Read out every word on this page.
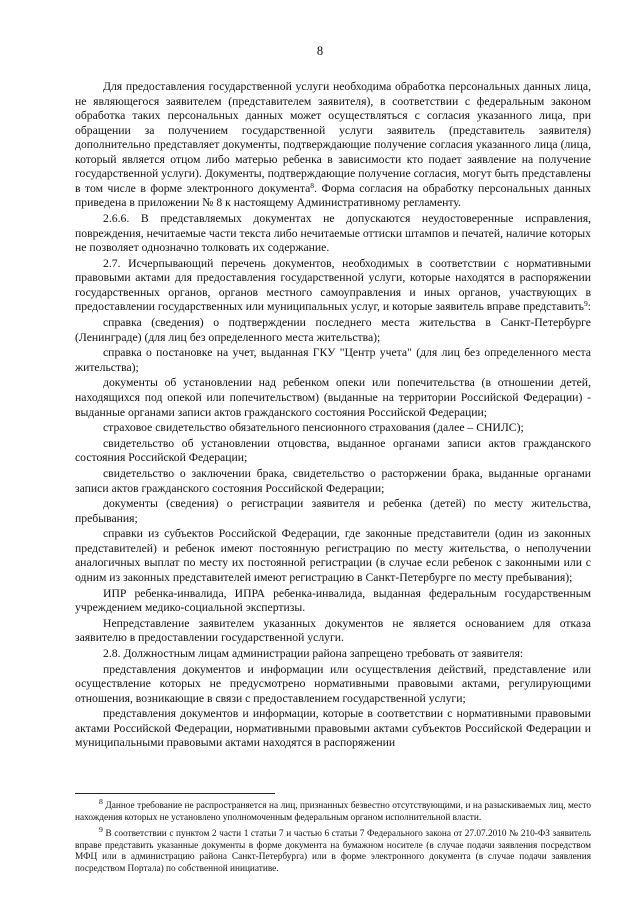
8

Для предоставления государственной услуги необходима обработка персональных данных лица, не являющегося заявителем (представителем заявителя), в соответствии с федеральным законом обработка таких персональных данных может осуществляться с согласия указанного лица, при обращении за получением государственной услуги заявитель (представитель заявителя) дополнительно представляет документы, подтверждающие получение согласия указанного лица (лица, который является отцом либо матерью ребенка в зависимости кто подает заявление на получение государственной услуги). Документы, подтверждающие получение согласия, могут быть представлены в том числе в форме электронного документа$^8$. Форма согласия на обработку персональных данных приведена в приложении № 8 к настоящему Административному регламенту.

2.6.6. В представляемых документах не допускаются неудостоверенные исправления, повреждения, нечитаемые части текста либо нечитаемые оттиски штампов и печатей, наличие которых не позволяет однозначно толковать их содержание.

2.7. Исчерпывающий перечень документов, необходимых в соответствии с нормативными правовыми актами для предоставления государственной услуги, которые находятся в распоряжении государственных органов, органов местного самоуправления и иных органов, участвующих в предоставлении государственных или муниципальных услуг, и которые заявитель вправе представить$^9$:

справка (сведения) о подтверждении последнего места жительства в Санкт-Петербурге (Ленинграде) (для лиц без определенного места жительства);

справка о постановке на учет, выданная ГКУ "Центр учета" (для лиц без определенного места жительства);

документы об установлении над ребенком опеки или попечительства (в отношении детей, находящихся под опекой или попечительством) (выданные на территории Российской Федерации) - выданные органами записи актов гражданского состояния Российской Федерации;

страховое свидетельство обязательного пенсионного страхования (далее – СНИЛС);

свидетельство об установлении отцовства, выданное органами записи актов гражданского состояния Российской Федерации;

свидетельство о заключении брака, свидетельство о расторжении брака, выданные органами записи актов гражданского состояния Российской Федерации;

документы (сведения) о регистрации заявителя и ребенка (детей) по месту жительства, пребывания;

справки из субъектов Российской Федерации, где законные представители (один из законных представителей) и ребенок имеют постоянную регистрацию по месту жительства, о неполучении аналогичных выплат по месту их постоянной регистрации (в случае если ребенок с законными или с одним из законных представителей имеют регистрацию в Санкт-Петербурге по месту пребывания);

ИПР ребенка-инвалида, ИПРА ребенка-инвалида, выданная федеральным государственным учреждением медико-социальной экспертизы.

Непредставление заявителем указанных документов не является основанием для отказа заявителю в предоставлении государственной услуги.

2.8. Должностным лицам администрации района запрещено требовать от заявителя:

представления документов и информации или осуществления действий, представление или осуществление которых не предусмотрено нормативными правовыми актами, регулирующими отношения, возникающие в связи с предоставлением государственной услуги;

представления документов и информации, которые в соответствии с нормативными правовыми актами Российской Федерации, нормативными правовыми актами субъектов Российской Федерации и муниципальными правовыми актами находятся в распоряжении

$^8$ Данное требование не распространяется на лиц, признанных безвестно отсутствующими, и на разыскиваемых лиц, место нахождения которых не установлено уполномоченным федеральным органом исполнительной власти.

$^9$ В соответствии с пунктом 2 части 1 статьи 7 и частью 6 статьи 7 Федерального закона от 27.07.2010 № 210-ФЗ заявитель вправе представить указанные документы в форме документа на бумажном носителе (в случае подачи заявления посредством МФЦ или в администрацию района Санкт-Петербурга) или в форме электронного документа (в случае подачи заявления посредством Портала) по собственной инициативе.
